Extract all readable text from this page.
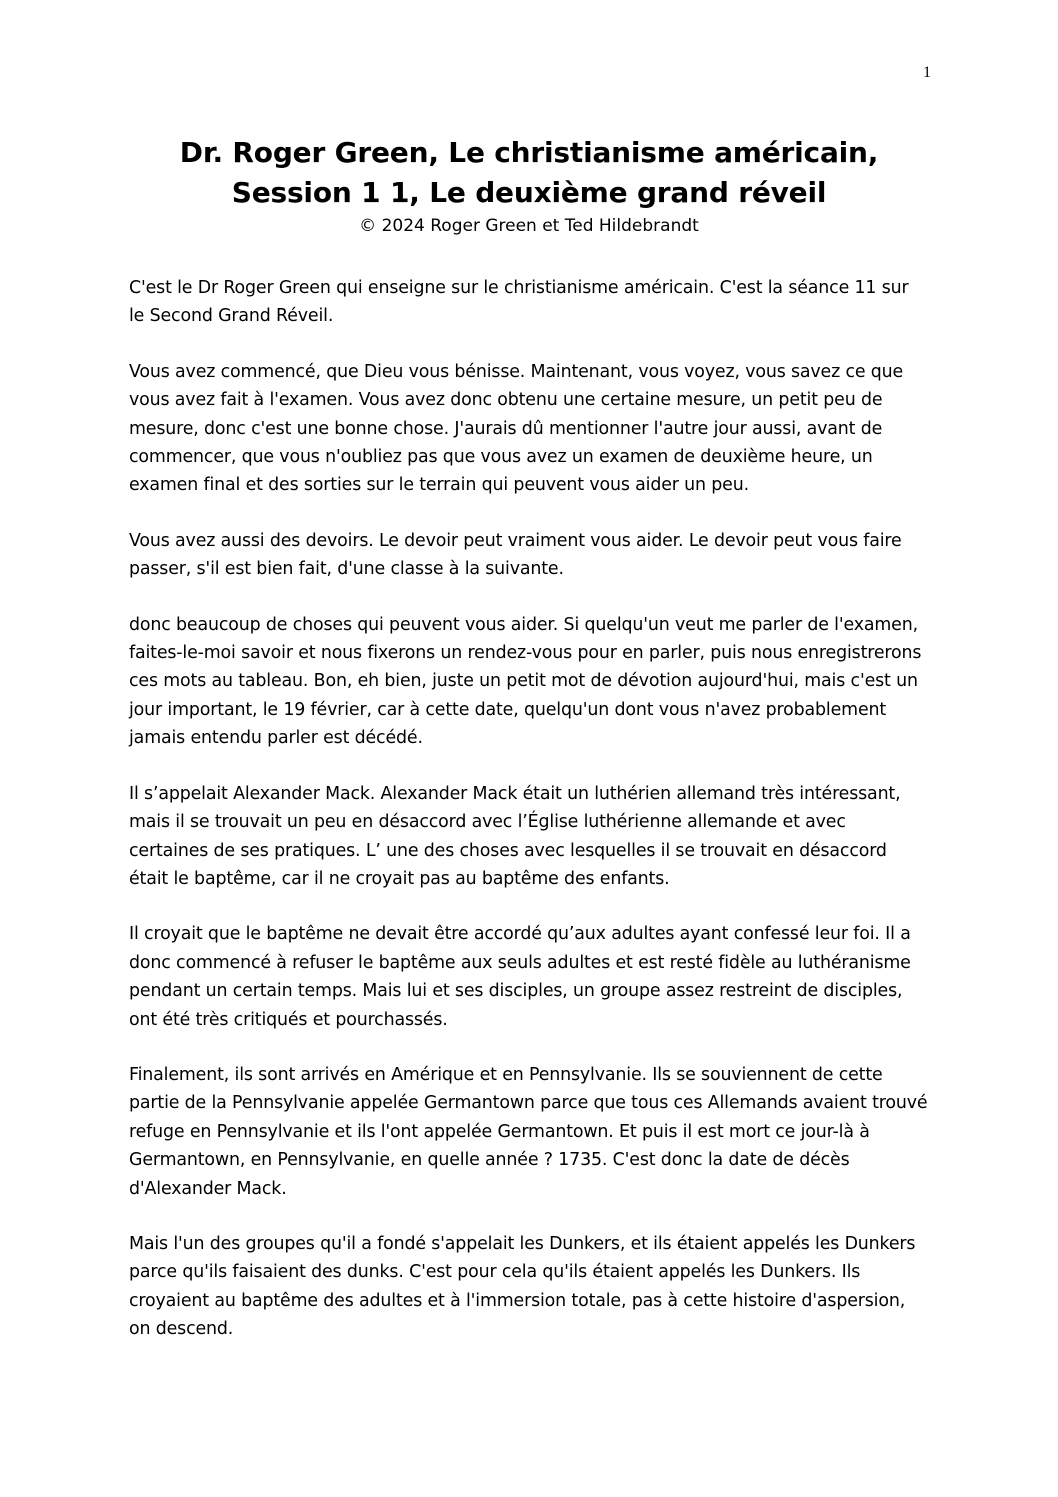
1
Dr. Roger Green, Le christianisme américain,
Session 1 1, Le deuxième grand réveil

© 2024 Roger Green et Ted Hildebrandt

C'est le Dr Roger Green qui enseigne sur le christianisme américain. C'est la séance 11 sur le Second Grand Réveil.

Vous avez commencé, que Dieu vous bénisse. Maintenant, vous voyez, vous savez ce que vous avez fait à l'examen. Vous avez donc obtenu une certaine mesure, un petit peu de mesure, donc c'est une bonne chose. J'aurais dû mentionner l'autre jour aussi, avant de commencer, que vous n'oubliez pas que vous avez un examen de deuxième heure, un examen final et des sorties sur le terrain qui peuvent vous aider un peu.

Vous avez aussi des devoirs. Le devoir peut vraiment vous aider. Le devoir peut vous faire passer, s'il est bien fait, d'une classe à la suivante.

donc beaucoup de choses qui peuvent vous aider. Si quelqu'un veut me parler de l'examen, faites-le-moi savoir et nous fixerons un rendez-vous pour en parler, puis nous enregistrerons ces mots au tableau. Bon, eh bien, juste un petit mot de dévotion aujourd'hui, mais c'est un jour important, le 19 février, car à cette date, quelqu'un dont vous n'avez probablement jamais entendu parler est décédé.

Il s’appelait Alexander Mack. Alexander Mack était un luthérien allemand très intéressant, mais il se trouvait un peu en désaccord avec l’Église luthérienne allemande et avec certaines de ses pratiques. L’ une des choses avec lesquelles il se trouvait en désaccord était le baptême, car il ne croyait pas au baptême des enfants.

Il croyait que le baptême ne devait être accordé qu’aux adultes ayant confessé leur foi. Il a donc commencé à refuser le baptême aux seuls adultes et est resté fidèle au luthéranisme pendant un certain temps. Mais lui et ses disciples, un groupe assez restreint de disciples, ont été très critiqués et pourchassés.

Finalement, ils sont arrivés en Amérique et en Pennsylvanie. Ils se souviennent de cette partie de la Pennsylvanie appelée Germantown parce que tous ces Allemands avaient trouvé refuge en Pennsylvanie et ils l'ont appelée Germantown. Et puis il est mort ce jour-là à Germantown, en Pennsylvanie, en quelle année ? 1735. C'est donc la date de décès d'Alexander Mack.

Mais l'un des groupes qu'il a fondé s'appelait les Dunkers, et ils étaient appelés les Dunkers parce qu'ils faisaient des dunks. C'est pour cela qu'ils étaient appelés les Dunkers. Ils croyaient au baptême des adultes et à l'immersion totale, pas à cette histoire d'aspersion, on descend.
